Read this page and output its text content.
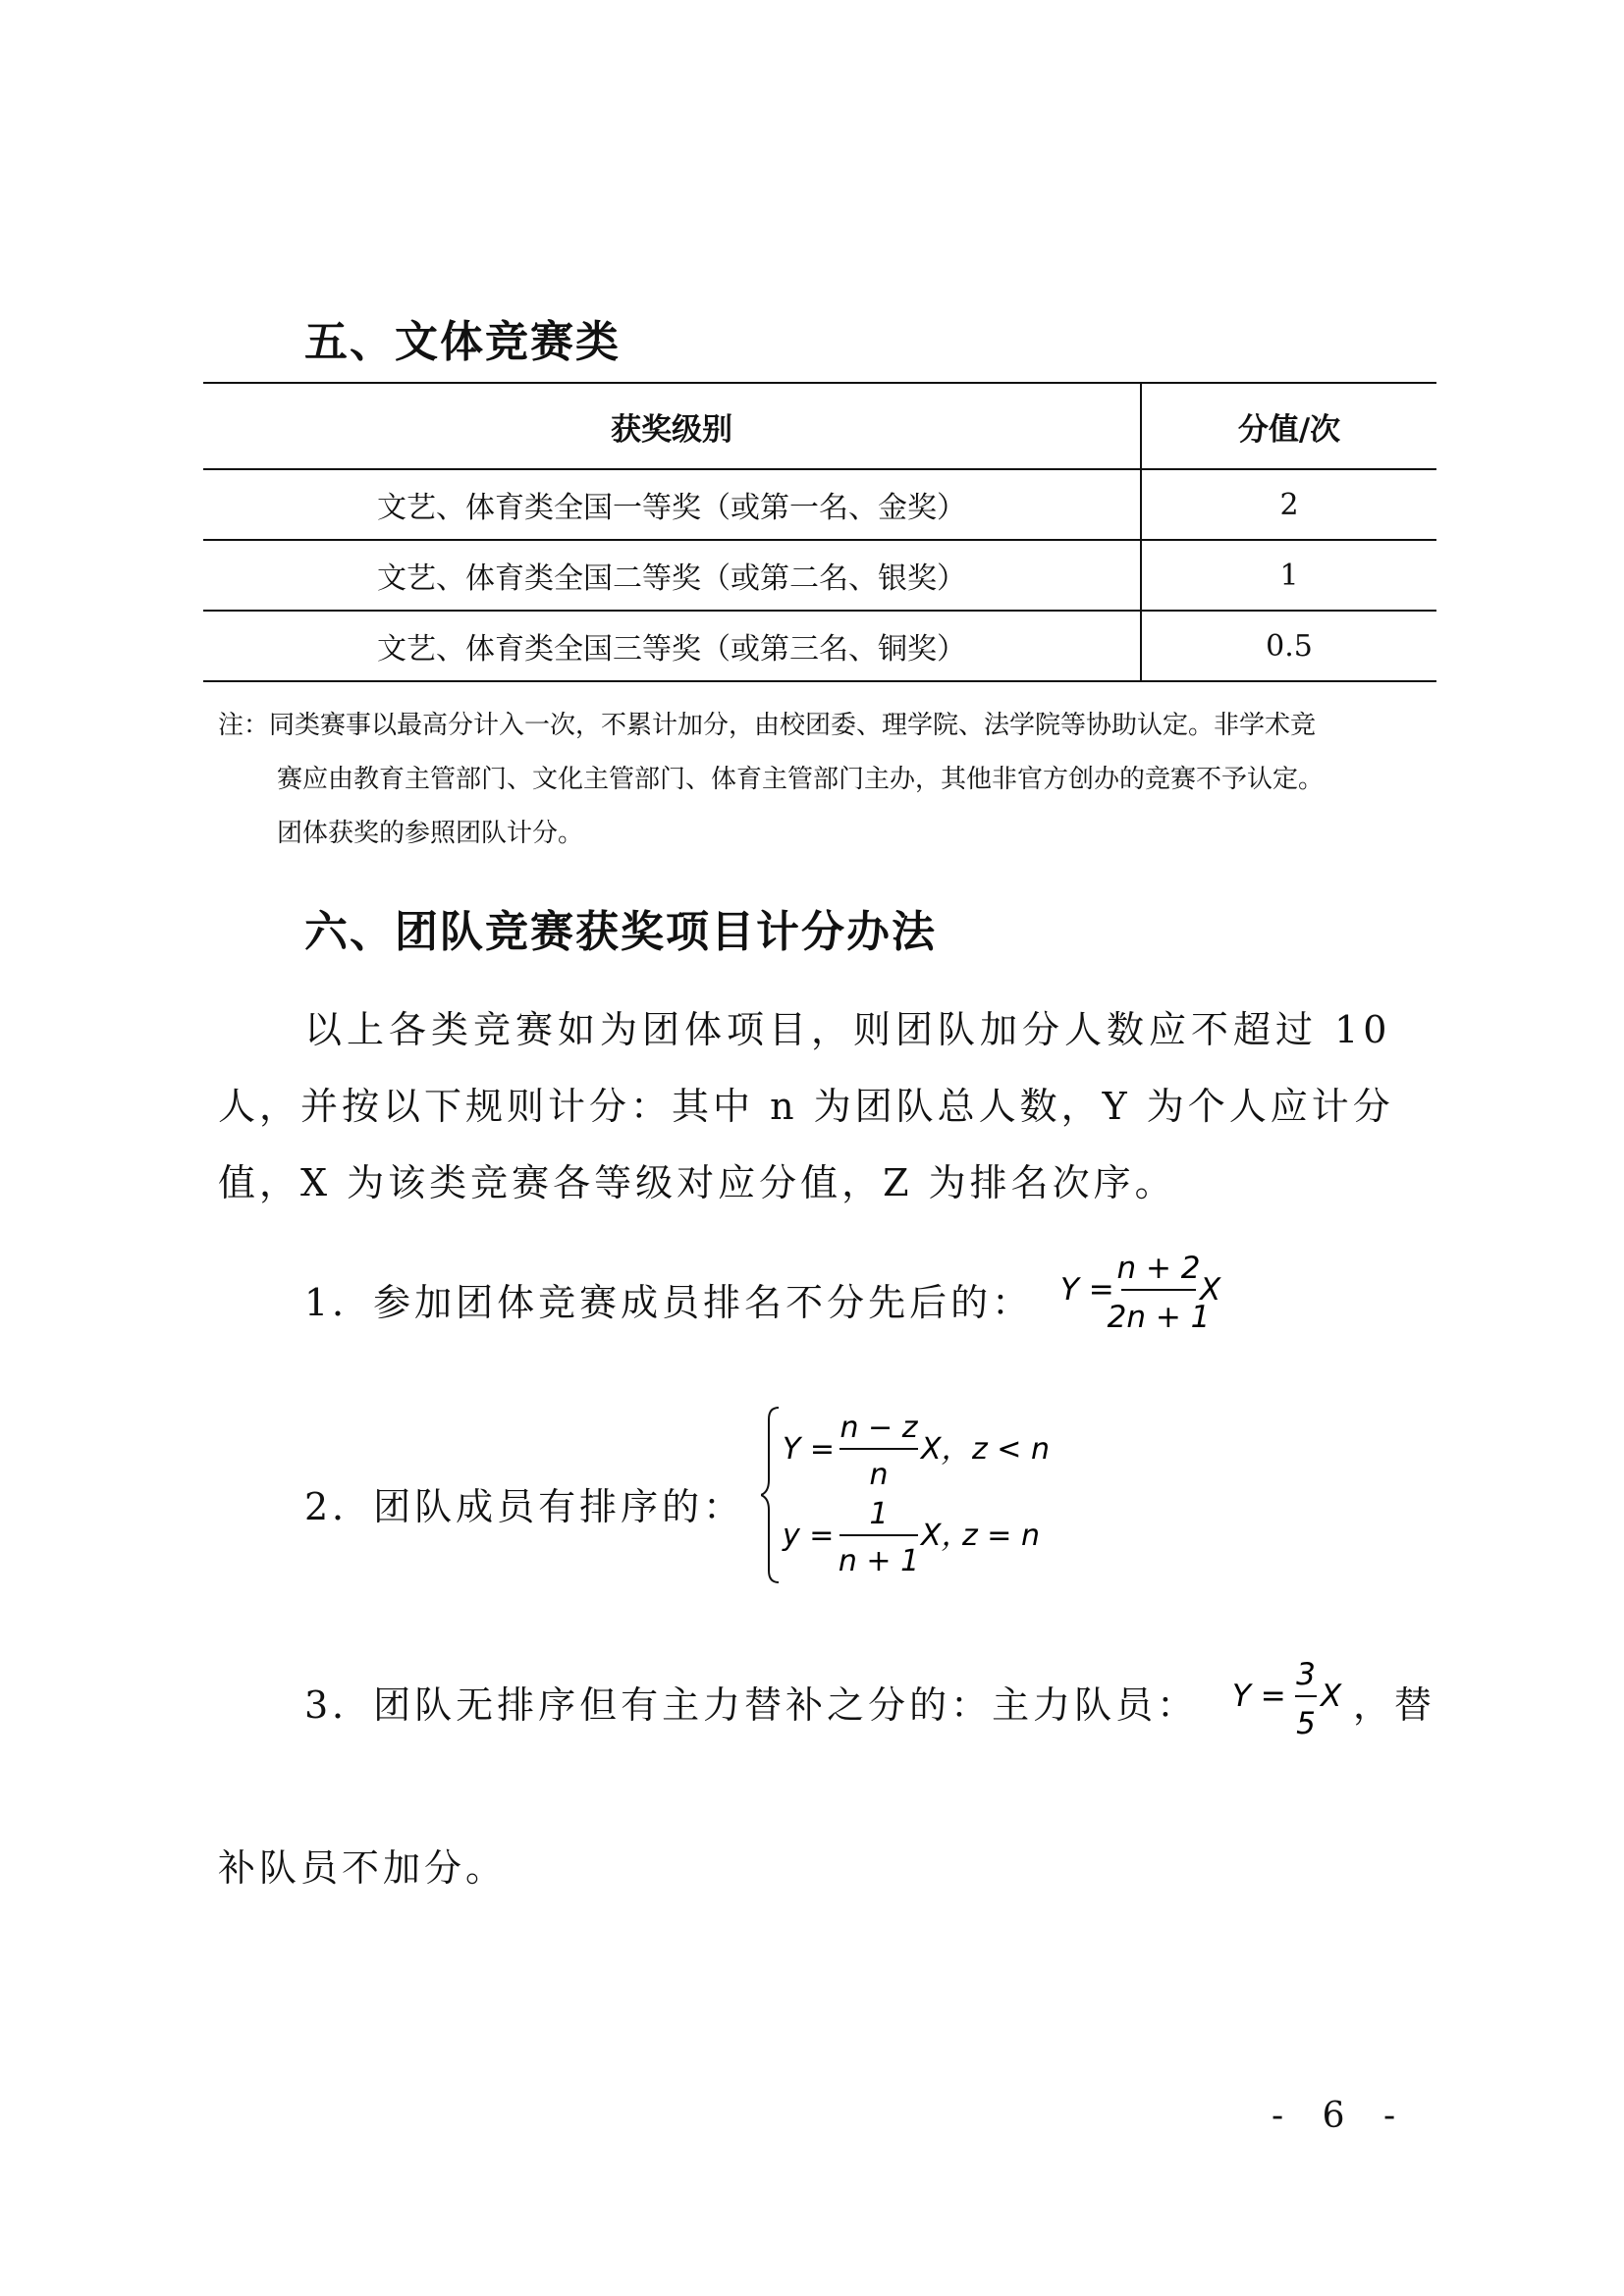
五、文体竞赛类
获奖级别	分值/次
文艺、体育类全国一等奖（或第一名、金奖）	2
文艺、体育类全国二等奖（或第二名、银奖）	1
文艺、体育类全国三等奖（或第三名、铜奖）	0.5
注：同类赛事以最高分计入一次，不累计加分，由校团委、理学院、法学院等协助认定。非学术竞
赛应由教育主管部门、文化主管部门、体育主管部门主办，其他非官方创办的竞赛不予认定。
团体获奖的参照团队计分。
六、团队竞赛获奖项目计分办法
以上各类竞赛如为团体项目，则团队加分人数应不超过 10
人，并按以下规则计分：其中 n 为团队总人数，Y 为个人应计分
值，X 为该类竞赛各等级对应分值，Z 为排名次序。
1．参加团体竞赛成员排名不分先后的： Y =
n + 2
2n + 1
X
2．团队成员有排序的：
Y =
n − z
n
X， z < n
y =
1
n + 1
X，
z = n
3．团队无排序但有主力替补之分的：主力队员： Y =
3
5
X ，替
补队员不加分。
- 6 -
